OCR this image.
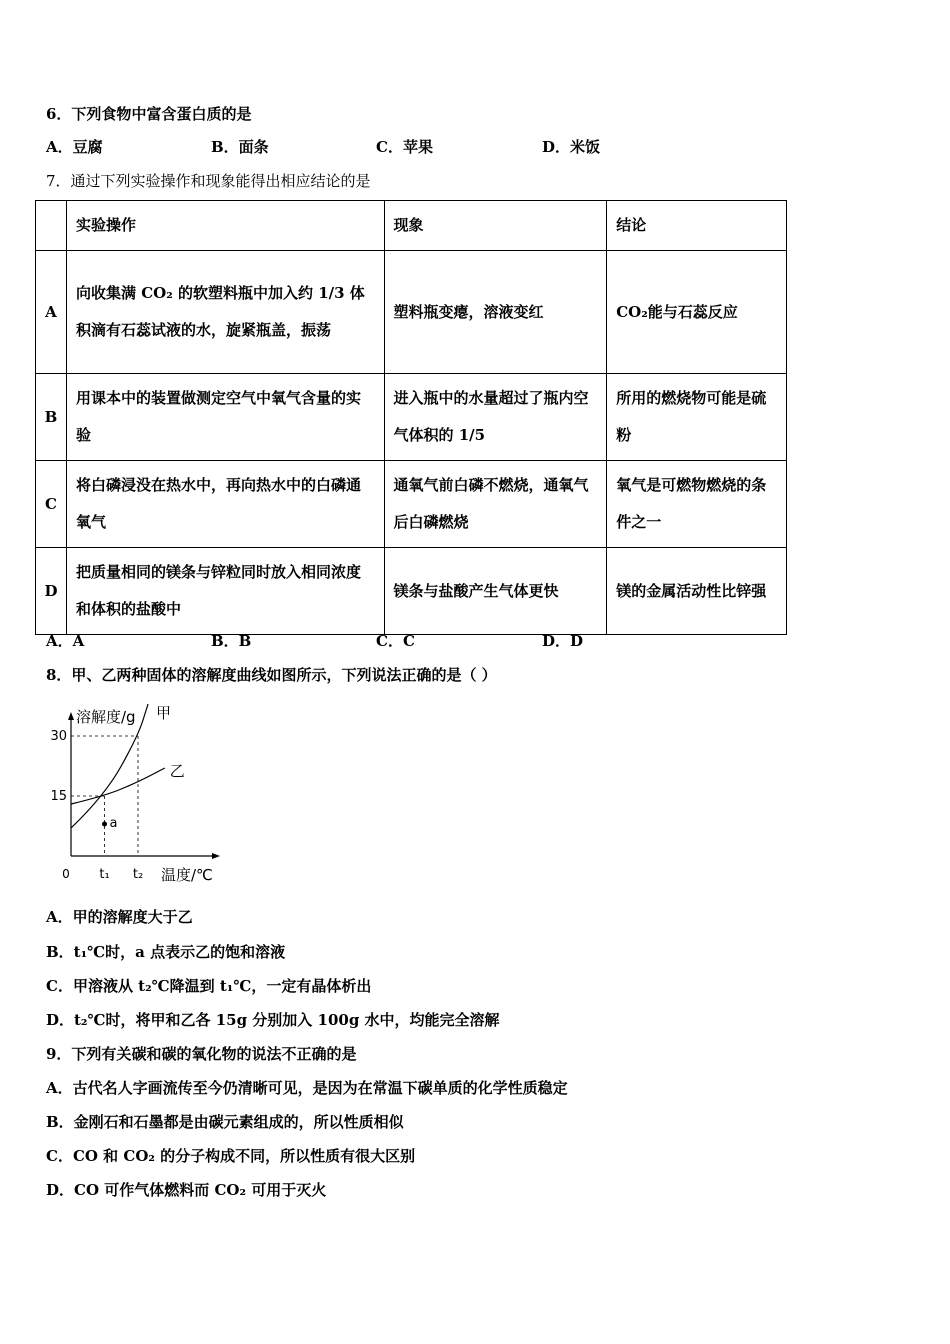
6．下列食物中富含蛋白质的是
A．豆腐	B．面条	C．苹果	D．米饭
7．通过下列实验操作和现象能得出相应结论的是
	实验操作	现象	结论
A	向收集满 CO₂ 的软塑料瓶中加入约 1/3 体积滴有石蕊试液的水，旋紧瓶盖，振荡	塑料瓶变瘪，溶液变红	CO₂能与石蕊反应
B	用课本中的装置做测定空气中氧气含量的实验	进入瓶中的水量超过了瓶内空气体积的 1/5	所用的燃烧物可能是硫粉
C	将白磷浸没在热水中，再向热水中的白磷通氧气	通氧气前白磷不燃烧，通氧气后白磷燃烧	氧气是可燃物燃烧的条件之一
D	把质量相同的镁条与锌粒同时放入相同浓度和体积的盐酸中	镁条与盐酸产生气体更快	镁的金属活动性比锌强
A．A	B．B	C．C	D．D
8．甲、乙两种固体的溶解度曲线如图所示，下列说法正确的是（ ）
溶解度/g
温度/℃
0
15
30
t₁ t₂
甲
乙
a
A．甲的溶解度大于乙
B．t₁℃时，a 点表示乙的饱和溶液
C．甲溶液从 t₂℃降温到 t₁℃，一定有晶体析出
D．t₂℃时，将甲和乙各 15g 分别加入 100g 水中，均能完全溶解
9．下列有关碳和碳的氧化物的说法不正确的是
A．古代名人字画流传至今仍清晰可见，是因为在常温下碳单质的化学性质稳定
B．金刚石和石墨都是由碳元素组成的，所以性质相似
C．CO 和 CO₂ 的分子构成不同，所以性质有很大区别
D．CO 可作气体燃料而 CO₂ 可用于灭火
